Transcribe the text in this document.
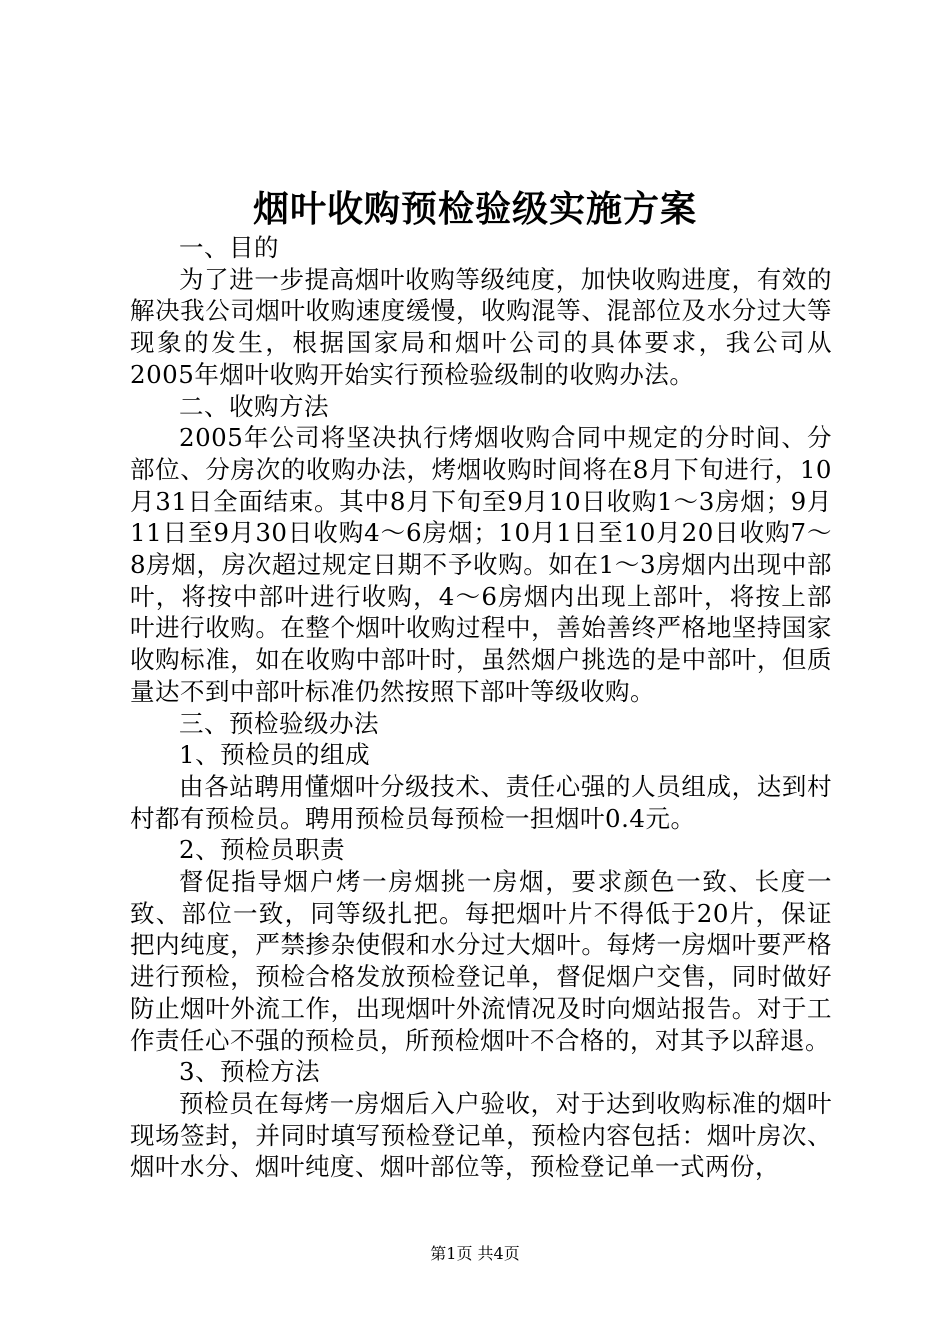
烟叶收购预检验级实施方案

一、目的

为了进一步提高烟叶收购等级纯度，加快收购进度，有效的解决我公司烟叶收购速度缓慢，收购混等、混部位及水分过大等现象的发生，根据国家局和烟叶公司的具体要求，我公司从2005年烟叶收购开始实行预检验级制的收购办法。

二、收购方法

2005年公司将坚决执行烤烟收购合同中规定的分时间、分部位、分房次的收购办法，烤烟收购时间将在8月下旬进行，10月31日全面结束。其中8月下旬至9月10日收购1～3房烟；9月11日至9月30日收购4～6房烟；10月1日至10月20日收购7～8房烟，房次超过规定日期不予收购。如在1～3房烟内出现中部叶，将按中部叶进行收购，4～6房烟内出现上部叶，将按上部叶进行收购。在整个烟叶收购过程中，善始善终严格地坚持国家收购标准，如在收购中部叶时，虽然烟户挑选的是中部叶，但质量达不到中部叶标准仍然按照下部叶等级收购。

三、预检验级办法

1、预检员的组成

由各站聘用懂烟叶分级技术、责任心强的人员组成，达到村村都有预检员。聘用预检员每预检一担烟叶0.4元。

2、预检员职责

督促指导烟户烤一房烟挑一房烟，要求颜色一致、长度一致、部位一致，同等级扎把。每把烟叶片不得低于20片，保证把内纯度，严禁掺杂使假和水分过大烟叶。每烤一房烟叶要严格进行预检，预检合格发放预检登记单，督促烟户交售，同时做好防止烟叶外流工作，出现烟叶外流情况及时向烟站报告。对于工作责任心不强的预检员，所预检烟叶不合格的，对其予以辞退。

3、预检方法

预检员在每烤一房烟后入户验收，对于达到收购标准的烟叶现场签封，并同时填写预检登记单，预检内容包括：烟叶房次、烟叶水分、烟叶纯度、烟叶部位等，预检登记单一式两份，

第1页 共4页
